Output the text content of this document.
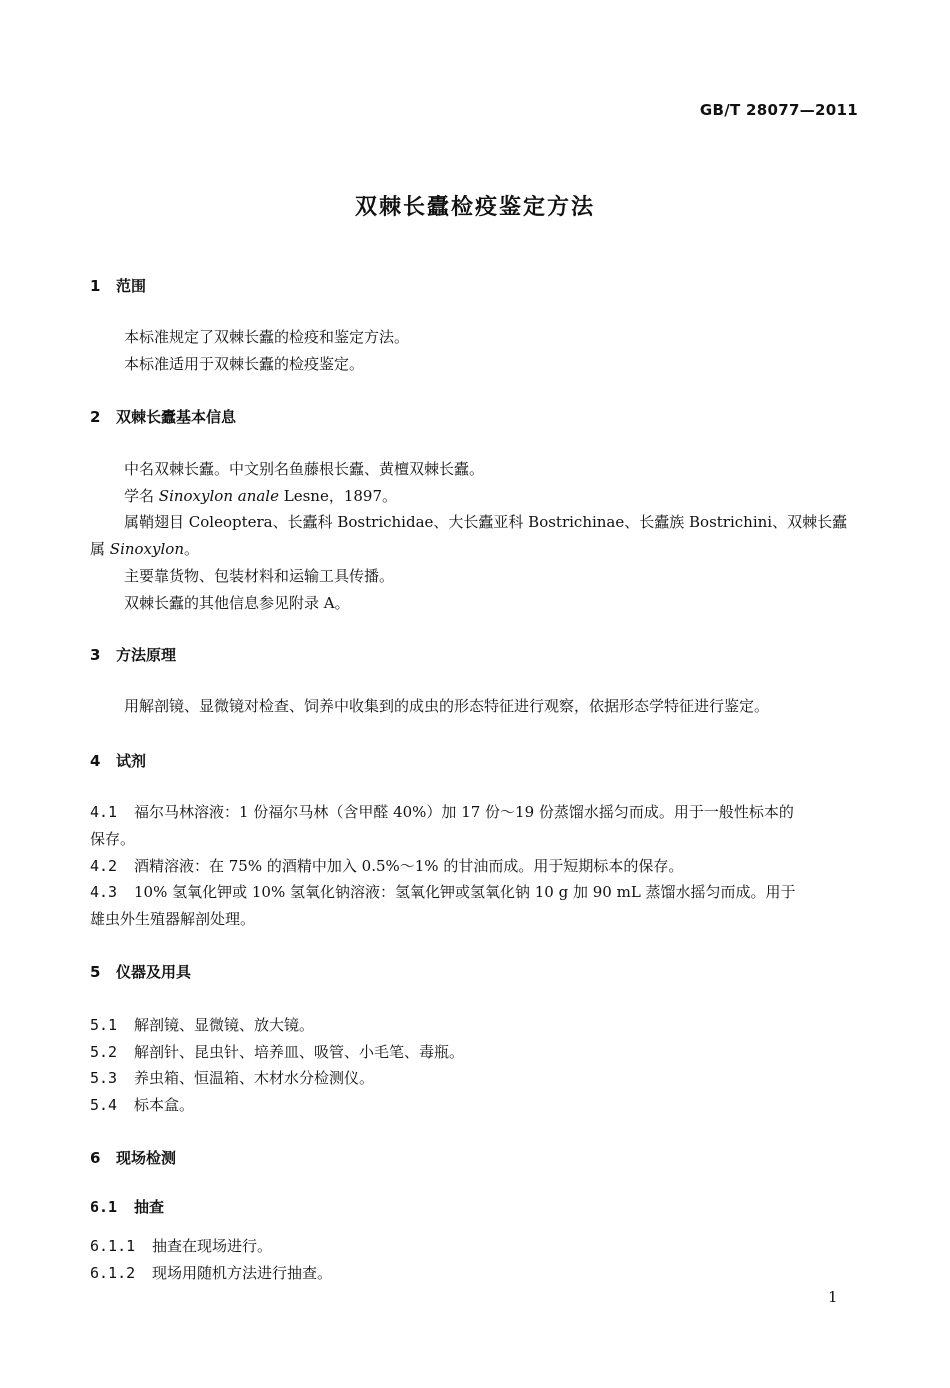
GB/T 28077—2011
双棘长蠹检疫鉴定方法
1 范围
本标准规定了双棘长蠹的检疫和鉴定方法。
本标准适用于双棘长蠹的检疫鉴定。
2 双棘长蠹基本信息
中名双棘长蠹。中文别名鱼藤根长蠹、黄檀双棘长蠹。
学名 Sinoxylon anale Lesne，1897。
属鞘翅目 Coleoptera、长蠹科 Bostrichidae、大长蠹亚科 Bostrichinae、长蠹族 Bostrichini、双棘长蠹
属 Sinoxylon。
主要靠货物、包装材料和运输工具传播。
双棘长蠹的其他信息参见附录 A。
3 方法原理
用解剖镜、显微镜对检查、饲养中收集到的成虫的形态特征进行观察，依据形态学特征进行鉴定。
4 试剂
4.1 福尔马林溶液：1 份福尔马林（含甲醛 40%）加 17 份～19 份蒸馏水摇匀而成。用于一般性标本的
保存。
4.2 酒精溶液：在 75% 的酒精中加入 0.5%～1% 的甘油而成。用于短期标本的保存。
4.3 10% 氢氧化钾或 10% 氢氧化钠溶液：氢氧化钾或氢氧化钠 10 g 加 90 mL 蒸馏水摇匀而成。用于
雄虫外生殖器解剖处理。
5 仪器及用具
5.1 解剖镜、显微镜、放大镜。
5.2 解剖针、昆虫针、培养皿、吸管、小毛笔、毒瓶。
5.3 养虫箱、恒温箱、木材水分检测仪。
5.4 标本盒。
6 现场检测
6.1 抽查
6.1.1 抽查在现场进行。
6.1.2 现场用随机方法进行抽查。
1
